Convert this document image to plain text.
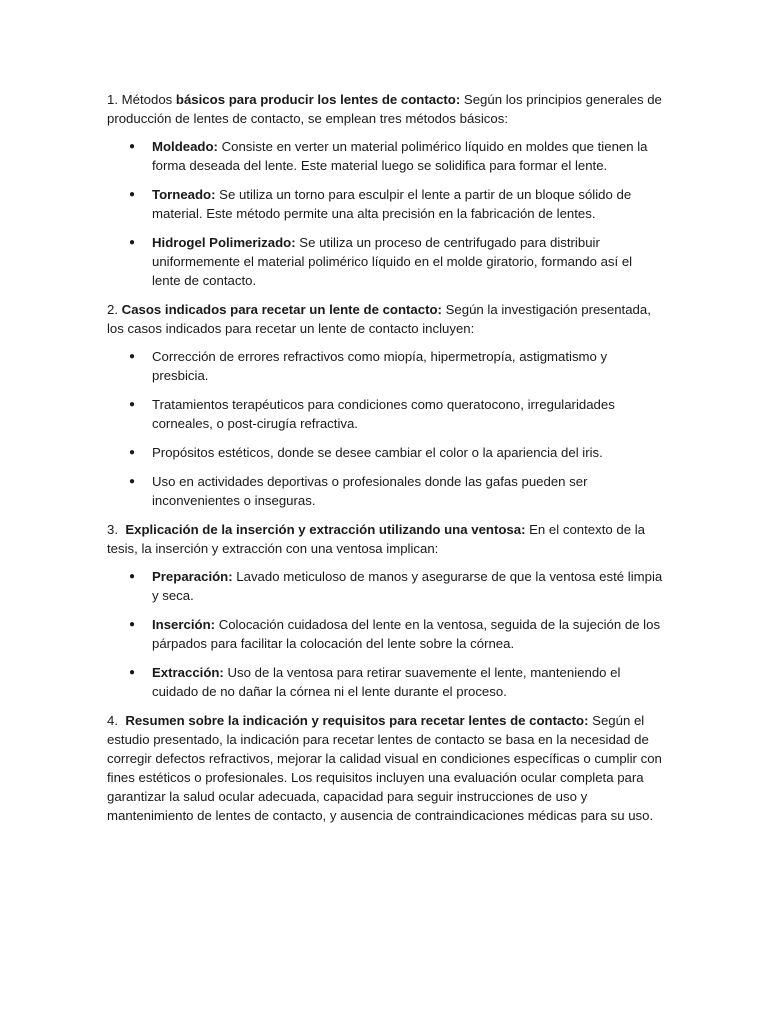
1. Métodos básicos para producir los lentes de contacto: Según los principios generales de producción de lentes de contacto, se emplean tres métodos básicos:

● Moldeado: Consiste en verter un material polimérico líquido en moldes que tienen la forma deseada del lente. Este material luego se solidifica para formar el lente.
● Torneado: Se utiliza un torno para esculpir el lente a partir de un bloque sólido de material. Este método permite una alta precisión en la fabricación de lentes.
● Hidrogel Polimerizado: Se utiliza un proceso de centrifugado para distribuir uniformemente el material polimérico líquido en el molde giratorio, formando así el lente de contacto.

2. Casos indicados para recetar un lente de contacto: Según la investigación presentada, los casos indicados para recetar un lente de contacto incluyen:

● Corrección de errores refractivos como miopía, hipermetropía, astigmatismo y presbicia.
● Tratamientos terapéuticos para condiciones como queratocono, irregularidades corneales, o post-cirugía refractiva.
● Propósitos estéticos, donde se desee cambiar el color o la apariencia del iris.
● Uso en actividades deportivas o profesionales donde las gafas pueden ser inconvenientes o inseguras.

3.  Explicación de la inserción y extracción utilizando una ventosa: En el contexto de la tesis, la inserción y extracción con una ventosa implican:

● Preparación: Lavado meticuloso de manos y asegurarse de que la ventosa esté limpia y seca.
● Inserción: Colocación cuidadosa del lente en la ventosa, seguida de la sujeción de los párpados para facilitar la colocación del lente sobre la córnea.
● Extracción: Uso de la ventosa para retirar suavemente el lente, manteniendo el cuidado de no dañar la córnea ni el lente durante el proceso.

4.  Resumen sobre la indicación y requisitos para recetar lentes de contacto: Según el estudio presentado, la indicación para recetar lentes de contacto se basa en la necesidad de corregir defectos refractivos, mejorar la calidad visual en condiciones específicas o cumplir con fines estéticos o profesionales. Los requisitos incluyen una evaluación ocular completa para garantizar la salud ocular adecuada, capacidad para seguir instrucciones de uso y mantenimiento de lentes de contacto, y ausencia de contraindicaciones médicas para su uso.
